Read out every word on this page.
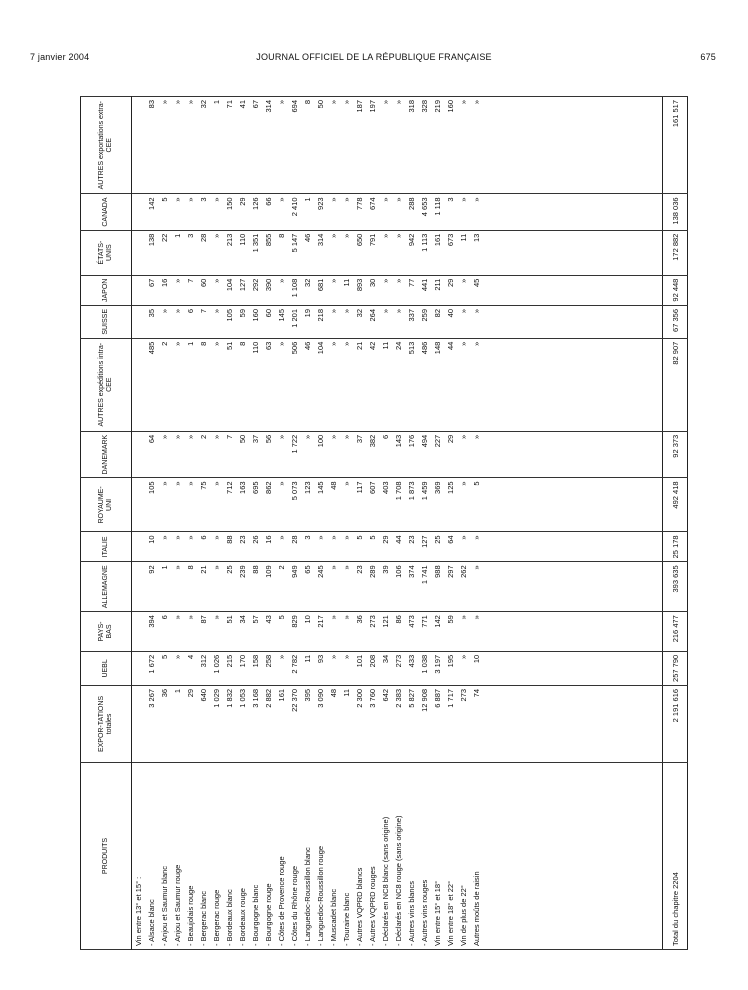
7 janvier 2004	JOURNAL OFFICIEL DE LA RÉPUBLIQUE FRANÇAISE	675
PRODUITS	EXPOR-TATIONS totales	UEBL	PAYS-BAS	ALLEMAGNE	ITALIE	ROYAUME-UNI	DANEMARK	AUTRES expéditions intra-CEE	SUISSE	JAPON	ÉTATS-UNIS	CANADA	AUTRES exportations extra-CEE
Vin entre 13° et 15° :													
- Alsace blanc	3 267	1 672	394	92	10	105	64	485	35	67	138	142	83
- Anjou et Saumur blanc	36	5	6	1	»	»	»	2	»	16	22	5	»
- Anjou et Saumur rouge	1	»	»	»	»	»	»	»	»	»	1	»	»
- Beaujolais rouge	29	4	»	8	»	»	»	1	6	7	3	»	»
- Bergerac blanc	640	312	87	21	6	75	2	8	7	60	28	3	32
- Bergerac rouge	1 029	1 026	»	»	»	»	»	»	»	»	»	»	1
- Bordeaux blanc	1 832	215	51	25	88	712	7	51	105	104	213	150	71
- Bordeaux rouge	1 053	170	34	239	23	163	50	8	59	127	110	29	41
- Bourgogne blanc	3 168	158	57	88	26	695	37	110	160	292	1 351	126	67
- Bourgogne rouge	2 882	258	43	109	16	862	56	63	60	390	855	66	314
- Côtes de Provence rouge	161	»	5	2	»	»	»	»	145	»	8	»	»
- Côtes du Rhône rouge	22 370	2 782	829	949	28	5 073	1 722	506	1 201	1 108	5 147	2 410	694
- Languedoc-Roussillon blanc	395	11	10	65	3	123	»	46	19	32	46	1	8
- Languedoc-Roussillon rouge	3 090	93	217	245	»	145	100	104	218	681	314	923	50
- Muscadet blanc	48	»	»	»	»	48	»	»	»	»	»	»	»
- Touraine blanc	11	»	»	»	»	»	»	»	»	11	»	»	»
- Autres VQPRD blancs	2 300	101	36	23	5	117	37	21	32	893	650	778	187
- Autres VQPRD rouges	3 760	208	273	289	5	607	382	42	264	30	791	674	197
- Déclarés en NC8 blanc (sans origine)	642	34	121	39	29	403	6	11	»	»	»	»	»
- Déclarés en NC8 rouge (sans origine)	2 383	273	86	106	44	1 708	143	24	»	»	»	»	»
- Autres vins blancs	5 827	433	473	374	23	1 873	176	513	337	77	942	288	318
- Autres vins rouges	12 908	1 038	771	1 741	127	1 459	494	486	259	441	1 113	4 653	328
Vin entre 15° et 18°	6 887	3 197	142	988	25	369	227	148	82	211	161	1 118	219
Vin entre 18° et 22°	1 717	195	59	297	64	125	29	44	40	29	673	3	160
Vin de plus de 22°	273	»	»	262	»	»	»	»	»	»	11	»	»
Autres moûts de raisin	74	10	»	»	»	5	»	»	»	45	13	»	»

Total du chapitre 2204	2 191 616	257 790	216 477	393 635	25 178	492 418	92 373	82 907	67 356	92 448	172 882	138 036	161 517
